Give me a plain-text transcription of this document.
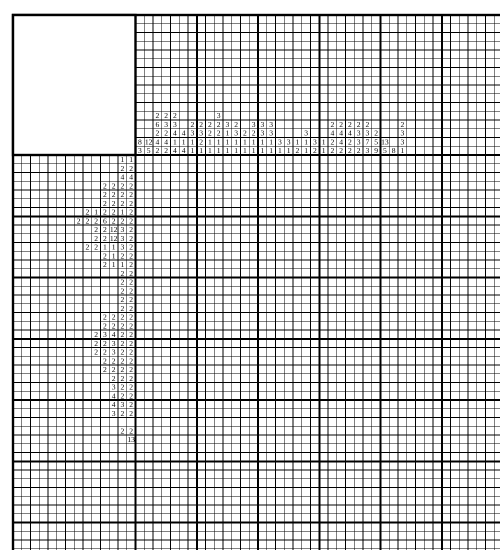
8
3
12
5
2
6
2
4
2
2
3
2
4
2
2
3
4
1
4
4
1
4
2
3
1
1
2
3
2
1
2
2
1
1
3
2
2
1
1
3
1
1
1
2
3
1
1
2
1
1
3
2
1
1
3
3
1
1
3
3
1
1
3
1
3
1
1
2
3
1
1
3
2
1
1
2
4
2
2
2
4
4
2
2
4
2
2
2
3
3
2
2
3
7
3
2
5
9
13
5 8
2
3
3
1
1 1
2 2
4 4
2 2 2 2
2 2 2 2
2 2 2 2
2 1 2 2 1 2
2 2 2 6 2 2 2
2 2 12 3 2
2 2 12 3 2
2 2 1 1 3 2
2 1 2 2
2 1 1 2
2 2
2 2
2 2
2 2
2 2
2 2 2 2
2 2 2 2
2 3 4 2 2
2 2 3 2 2
2 2 3 2 2
2 2 2 2
2 2 2 2
2 2 2
3 2 2
4 2 2
4 3 2
3 2 2
2 2
13
